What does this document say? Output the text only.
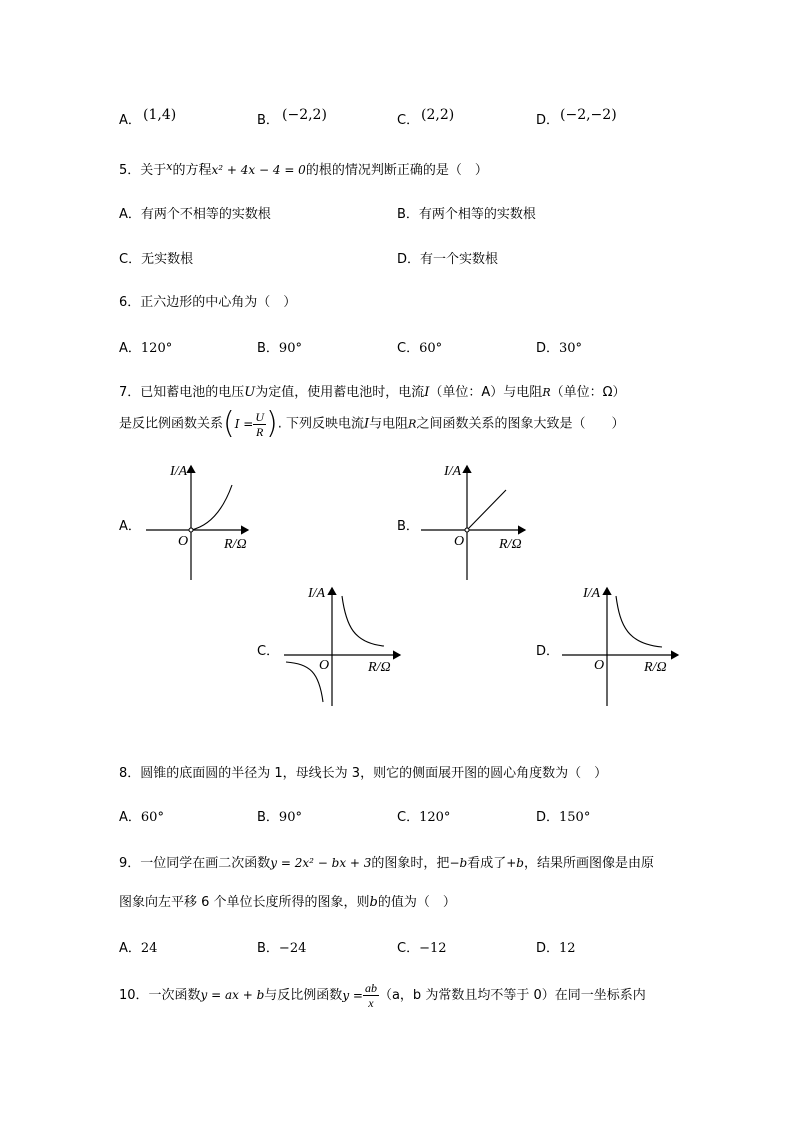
A． (1,4)	B． (−2,2)	C． (2,2)	D． (−2,−2)
5．关于$^x$的方程x² + 4x − 4 = 0的根的情况判断正确的是（　）
A．有两个不相等的实数根	B．有两个相等的实数根
C．无实数根	D．有一个实数根
6．正六边形的中心角为（　）
A．120°	B．90°	C．60°	D．30°
7．已知蓄电池的电压U为定值，使用蓄电池时，电流I（单位：A）与电阻R（单位：Ω）
是反比例函数关系($I = \frac{U}{R}$ ). 下列反映电流I与电阻R之间函数关系的图象大致是（　　）
A．
I/A
R/Ω
O
B．
I/A
R/Ω
O
C．
I/A
R/Ω
O
D．
I/A
R/Ω
O
8．圆锥的底面圆的半径为 1，母线长为 3，则它的侧面展开图的圆心角度数为（　）
A．60°	B．90°	C．120°	D．150°
9．一位同学在画二次函数y = 2x² − bx + 3的图象时，把−b看成了+b，结果所画图像是由原
图象向左平移 6 个单位长度所得的图象，则b的值为（　）
A．24	B．−24	C．−12	D．12
10．一次函数y = ax + b与反比例函数$y = \frac{ab}{x} (a$，b 为常数且均不等于 0）在同一坐标系内
